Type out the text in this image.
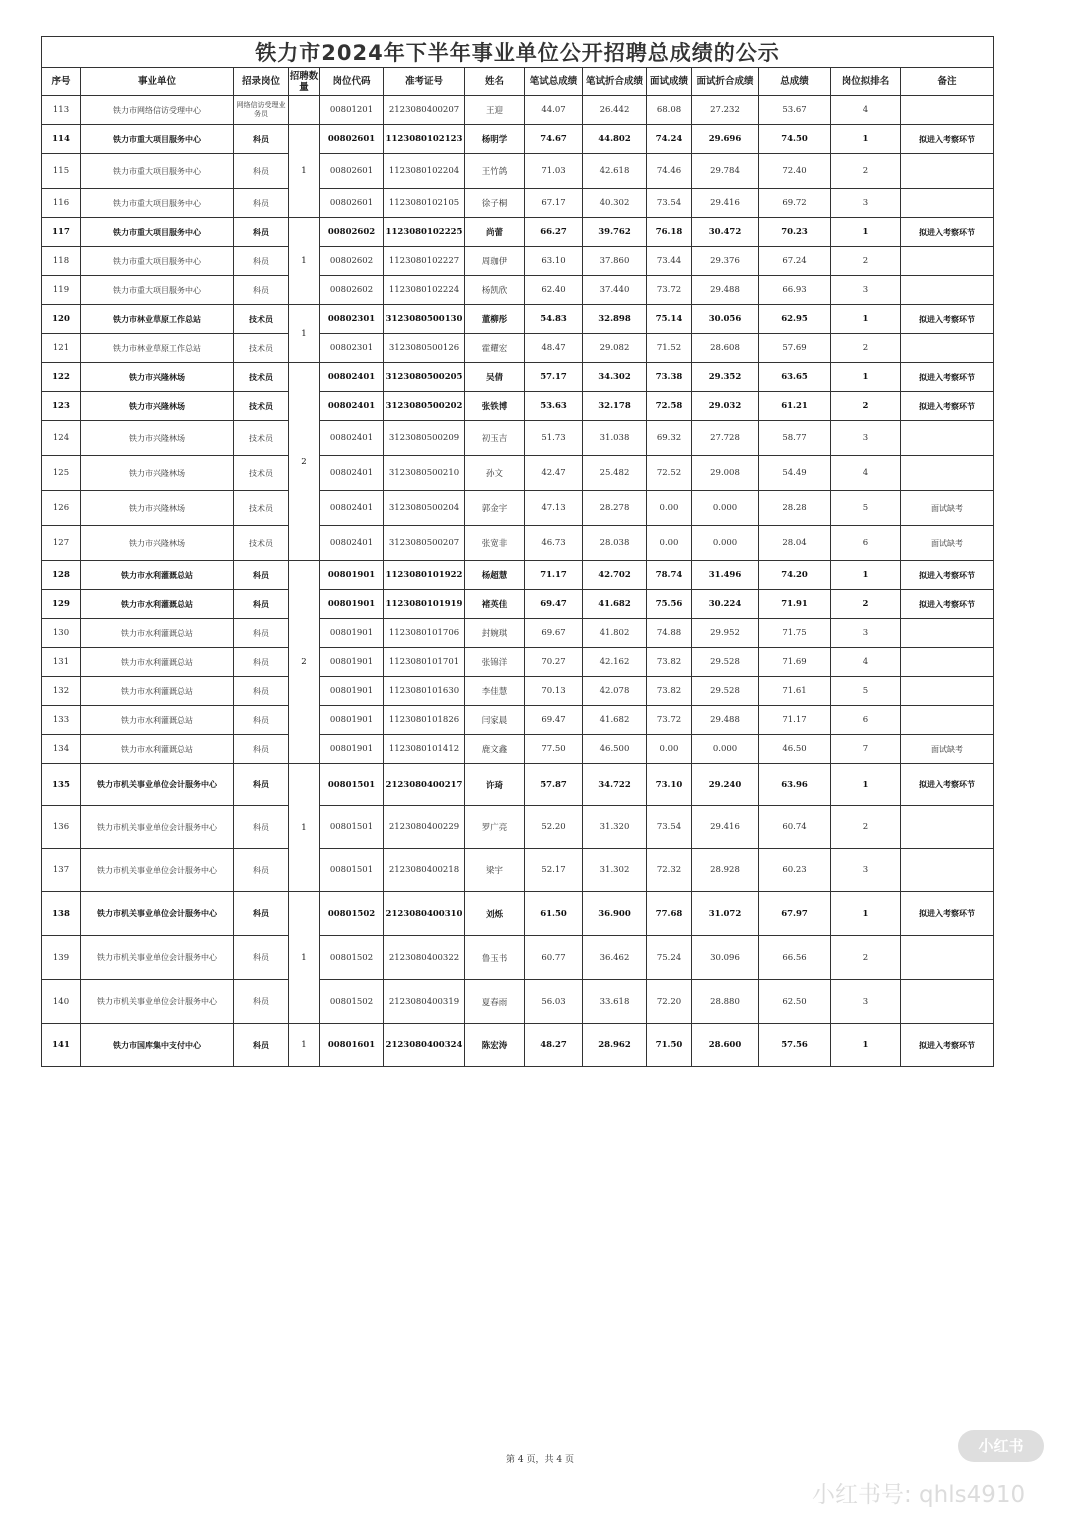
铁力市2024年下半年事业单位公开招聘总成绩的公示													
序号	事业单位	招录岗位	招聘数量	岗位代码	准考证号	姓名	笔试总成绩	笔试折合成绩	面试成绩	面试折合成绩	总成绩	岗位拟排名	备注
113	铁力市网络信访受理中心	网络信访受理业务员		00801201	2123080400207	王迎	44.07	26.442	68.08	27.232	53.67	4	
114	铁力市重大项目服务中心	科员	1	00802601	1123080102123	杨明学	74.67	44.802	74.24	29.696	74.50	1	拟进入考察环节
115	铁力市重大项目服务中心	科员		00802601	1123080102204	王竹鸽	71.03	42.618	74.46	29.784	72.40	2	
116	铁力市重大项目服务中心	科员		00802601	1123080102105	徐子桐	67.17	40.302	73.54	29.416	69.72	3	
117	铁力市重大项目服务中心	科员	1	00802602	1123080102225	尚蕾	66.27	39.762	76.18	30.472	70.23	1	拟进入考察环节
118	铁力市重大项目服务中心	科员		00802602	1123080102227	周珈伊	63.10	37.860	73.44	29.376	67.24	2	
119	铁力市重大项目服务中心	科员		00802602	1123080102224	杨凯欣	62.40	37.440	73.72	29.488	66.93	3	
120	铁力市林业草原工作总站	技术员	1	00802301	3123080500130	董柳彤	54.83	32.898	75.14	30.056	62.95	1	拟进入考察环节
121	铁力市林业草原工作总站	技术员		00802301	3123080500126	霍耀宏	48.47	29.082	71.52	28.608	57.69	2	
122	铁力市兴隆林场	技术员	2	00802401	3123080500205	吴倩	57.17	34.302	73.38	29.352	63.65	1	拟进入考察环节
123	铁力市兴隆林场	技术员		00802401	3123080500202	张铁博	53.63	32.178	72.58	29.032	61.21	2	拟进入考察环节
124	铁力市兴隆林场	技术员		00802401	3123080500209	初玉吉	51.73	31.038	69.32	27.728	58.77	3	
125	铁力市兴隆林场	技术员		00802401	3123080500210	孙文	42.47	25.482	72.52	29.008	54.49	4	
126	铁力市兴隆林场	技术员		00802401	3123080500204	郭金宇	47.13	28.278	0.00	0.000	28.28	5	面试缺考
127	铁力市兴隆林场	技术员		00802401	3123080500207	张宽非	46.73	28.038	0.00	0.000	28.04	6	面试缺考
128	铁力市水利灌溉总站	科员	2	00801901	1123080101922	杨超慧	71.17	42.702	78.74	31.496	74.20	1	拟进入考察环节
129	铁力市水利灌溉总站	科员		00801901	1123080101919	褚英佳	69.47	41.682	75.56	30.224	71.91	2	拟进入考察环节
130	铁力市水利灌溉总站	科员		00801901	1123080101706	封婉琪	69.67	41.802	74.88	29.952	71.75	3	
131	铁力市水利灌溉总站	科员		00801901	1123080101701	张锦洋	70.27	42.162	73.82	29.528	71.69	4	
132	铁力市水利灌溉总站	科员		00801901	1123080101630	李佳慧	70.13	42.078	73.82	29.528	71.61	5	
133	铁力市水利灌溉总站	科员		00801901	1123080101826	闫家晨	69.47	41.682	73.72	29.488	71.17	6	
134	铁力市水利灌溉总站	科员		00801901	1123080101412	鹿文鑫	77.50	46.500	0.00	0.000	46.50	7	面试缺考
135	铁力市机关事业单位会计服务中心	科员	1	00801501	2123080400217	许琦	57.87	34.722	73.10	29.240	63.96	1	拟进入考察环节
136	铁力市机关事业单位会计服务中心	科员		00801501	2123080400229	罗广亮	52.20	31.320	73.54	29.416	60.74	2	
137	铁力市机关事业单位会计服务中心	科员		00801501	2123080400218	梁宇	52.17	31.302	72.32	28.928	60.23	3	
138	铁力市机关事业单位会计服务中心	科员	1	00801502	2123080400310	刘烁	61.50	36.900	77.68	31.072	67.97	1	拟进入考察环节
139	铁力市机关事业单位会计服务中心	科员		00801502	2123080400322	鲁玉书	60.77	36.462	75.24	30.096	66.56	2	
140	铁力市机关事业单位会计服务中心	科员		00801502	2123080400319	夏春雨	56.03	33.618	72.20	28.880	62.50	3	
141	铁力市国库集中支付中心	科员	1	00801601	2123080400324	陈宏涛	48.27	28.962	71.50	28.600	57.56	1	拟进入考察环节
第 4 页，共 4 页
小红书
小红书号: qhls4910
